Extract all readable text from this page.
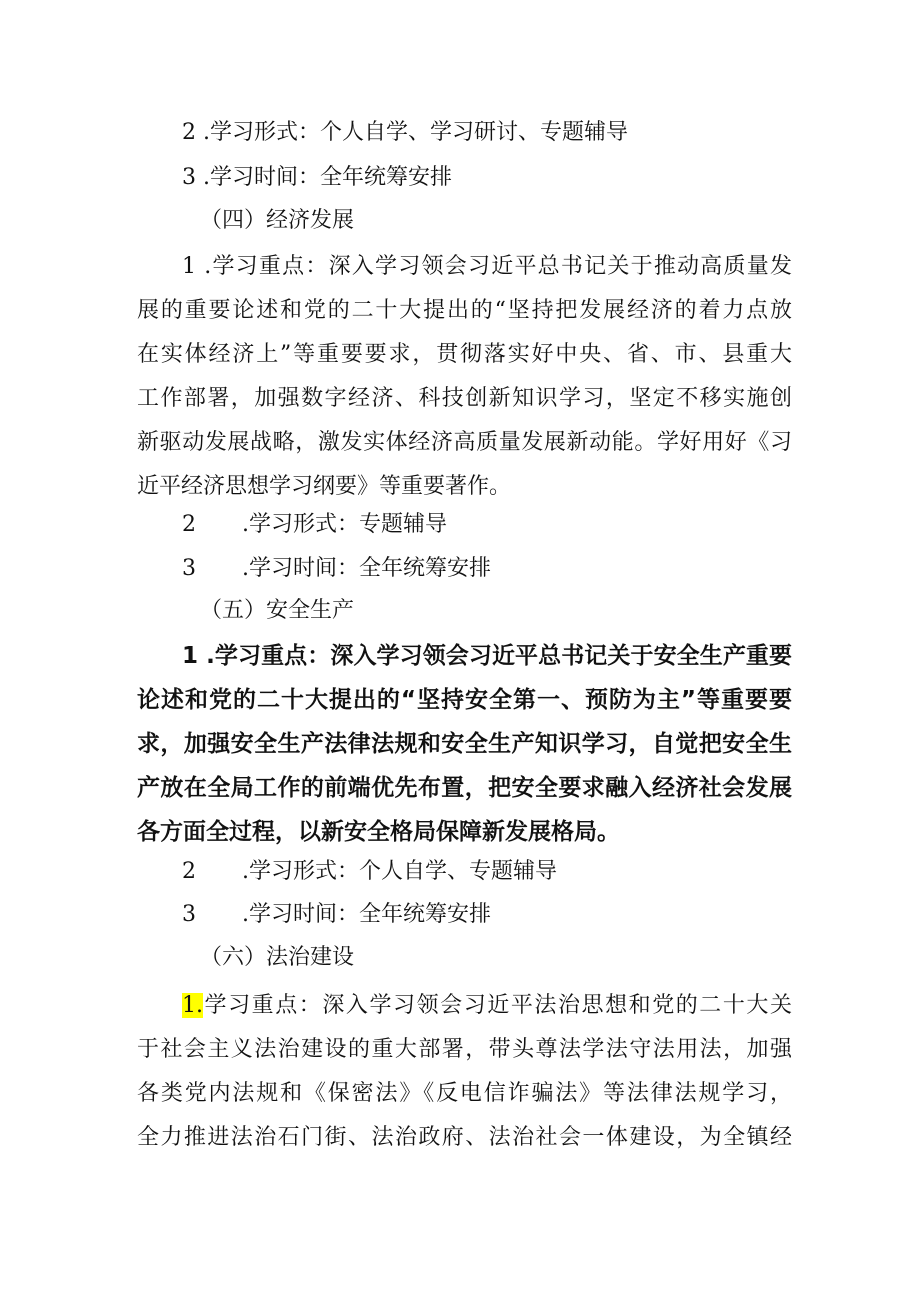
2 .学习形式：个人自学、学习研讨、专题辅导
3 .学习时间：全年统筹安排
（四）经济发展
1 .学习重点：深入学习领会习近平总书记关于推动高质量发
展的重要论述和党的二十大提出的“坚持把发展经济的着力点放
在实体经济上”等重要要求，贯彻落实好中央、省、市、县重大
工作部署，加强数字经济、科技创新知识学习，坚定不移实施创
新驱动发展战略，激发实体经济高质量发展新动能。学好用好《习
近平经济思想学习纲要》等重要著作。
2 .学习形式：专题辅导
3 .学习时间：全年统筹安排
（五）安全生产
1 .学习重点：深入学习领会习近平总书记关于安全生产重要
论述和党的二十大提出的“坚持安全第一、预防为主”等重要要
求，加强安全生产法律法规和安全生产知识学习，自觉把安全生
产放在全局工作的前端优先布置，把安全要求融入经济社会发展
各方面全过程，以新安全格局保障新发展格局。
2 .学习形式：个人自学、专题辅导
3 .学习时间：全年统筹安排
（六）法治建设
1.学习重点：深入学习领会习近平法治思想和党的二十大关
于社会主义法治建设的重大部署，带头尊法学法守法用法，加强
各类党内法规和《保密法》《反电信诈骗法》等法律法规学习，
全力推进法治石门街、法治政府、法治社会一体建设，为全镇经
